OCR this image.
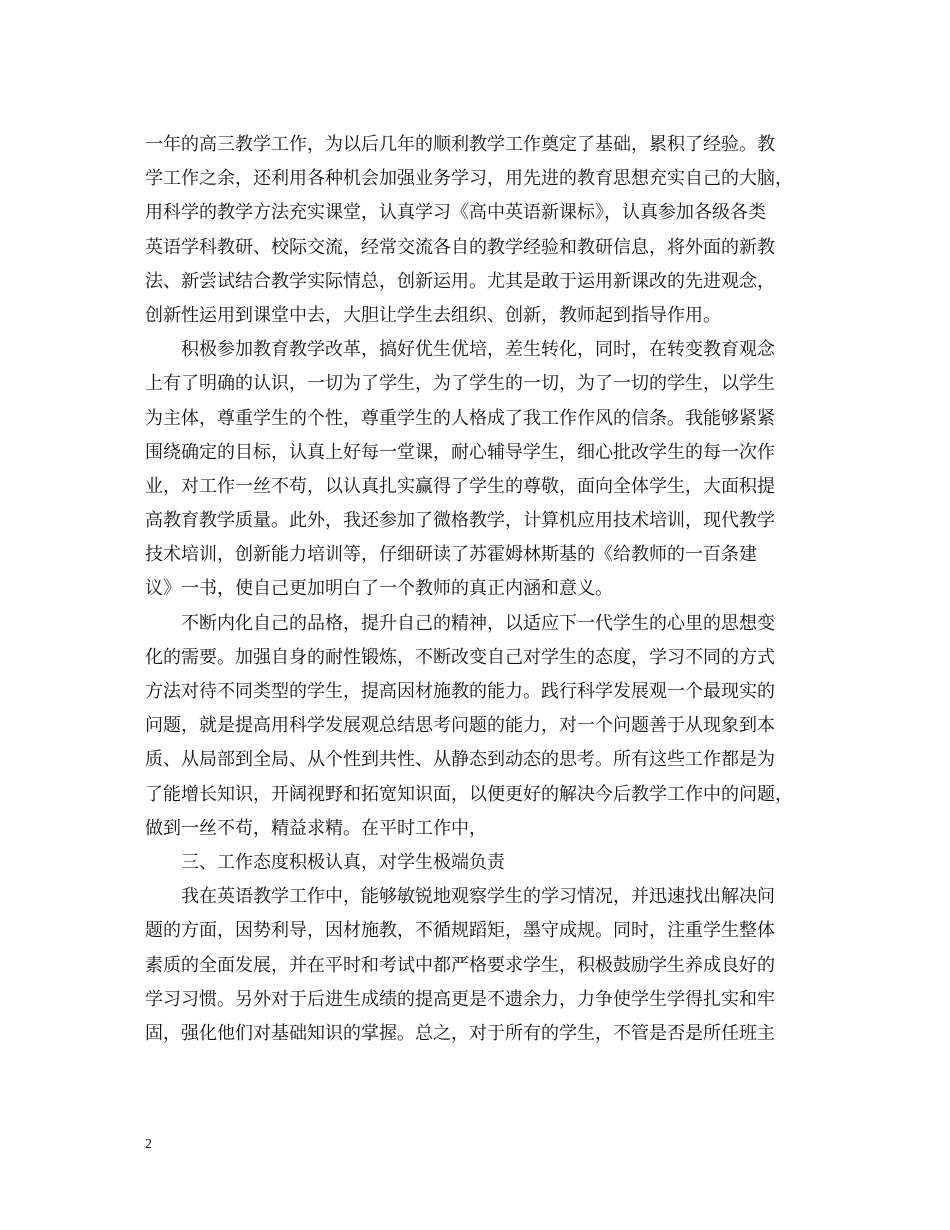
一年的高三教学工作，为以后几年的顺利教学工作奠定了基础，累积了经验。教
学工作之余，还利用各种机会加强业务学习，用先进的教育思想充实自己的大脑，
用科学的教学方法充实课堂，认真学习《高中英语新课标》，认真参加各级各类
英语学科教研、校际交流，经常交流各自的教学经验和教研信息，将外面的新教
法、新尝试结合教学实际情总，创新运用。尤其是敢于运用新课改的先进观念，
创新性运用到课堂中去，大胆让学生去组织、创新，教师起到指导作用。
积极参加教育教学改革，搞好优生优培，差生转化，同时，在转变教育观念
上有了明确的认识，一切为了学生，为了学生的一切，为了一切的学生，以学生
为主体，尊重学生的个性，尊重学生的人格成了我工作作风的信条。我能够紧紧
围绕确定的目标，认真上好每一堂课，耐心辅导学生，细心批改学生的每一次作
业，对工作一丝不苟，以认真扎实赢得了学生的尊敬，面向全体学生，大面积提
高教育教学质量。此外，我还参加了微格教学，计算机应用技术培训，现代教学
技术培训，创新能力培训等，仔细研读了苏霍姆林斯基的《给教师的一百条建
议》一书，使自己更加明白了一个教师的真正内涵和意义。
不断内化自己的品格，提升自己的精神，以适应下一代学生的心里的思想变
化的需要。加强自身的耐性锻炼，不断改变自己对学生的态度，学习不同的方式
方法对待不同类型的学生，提高因材施教的能力。践行科学发展观一个最现实的
问题，就是提高用科学发展观总结思考问题的能力，对一个问题善于从现象到本
质、从局部到全局、从个性到共性、从静态到动态的思考。所有这些工作都是为
了能增长知识，开阔视野和拓宽知识面，以便更好的解决今后教学工作中的问题，
做到一丝不苟，精益求精。在平时工作中，
三、工作态度积极认真，对学生极端负责
我在英语教学工作中，能够敏锐地观察学生的学习情况，并迅速找出解决问
题的方面，因势利导，因材施教，不循规蹈矩，墨守成规。同时，注重学生整体
素质的全面发展，并在平时和考试中都严格要求学生，积极鼓励学生养成良好的
学习习惯。另外对于后进生成绩的提高更是不遗余力，力争使学生学得扎实和牢
固，强化他们对基础知识的掌握。总之，对于所有的学生，不管是否是所任班主
2
